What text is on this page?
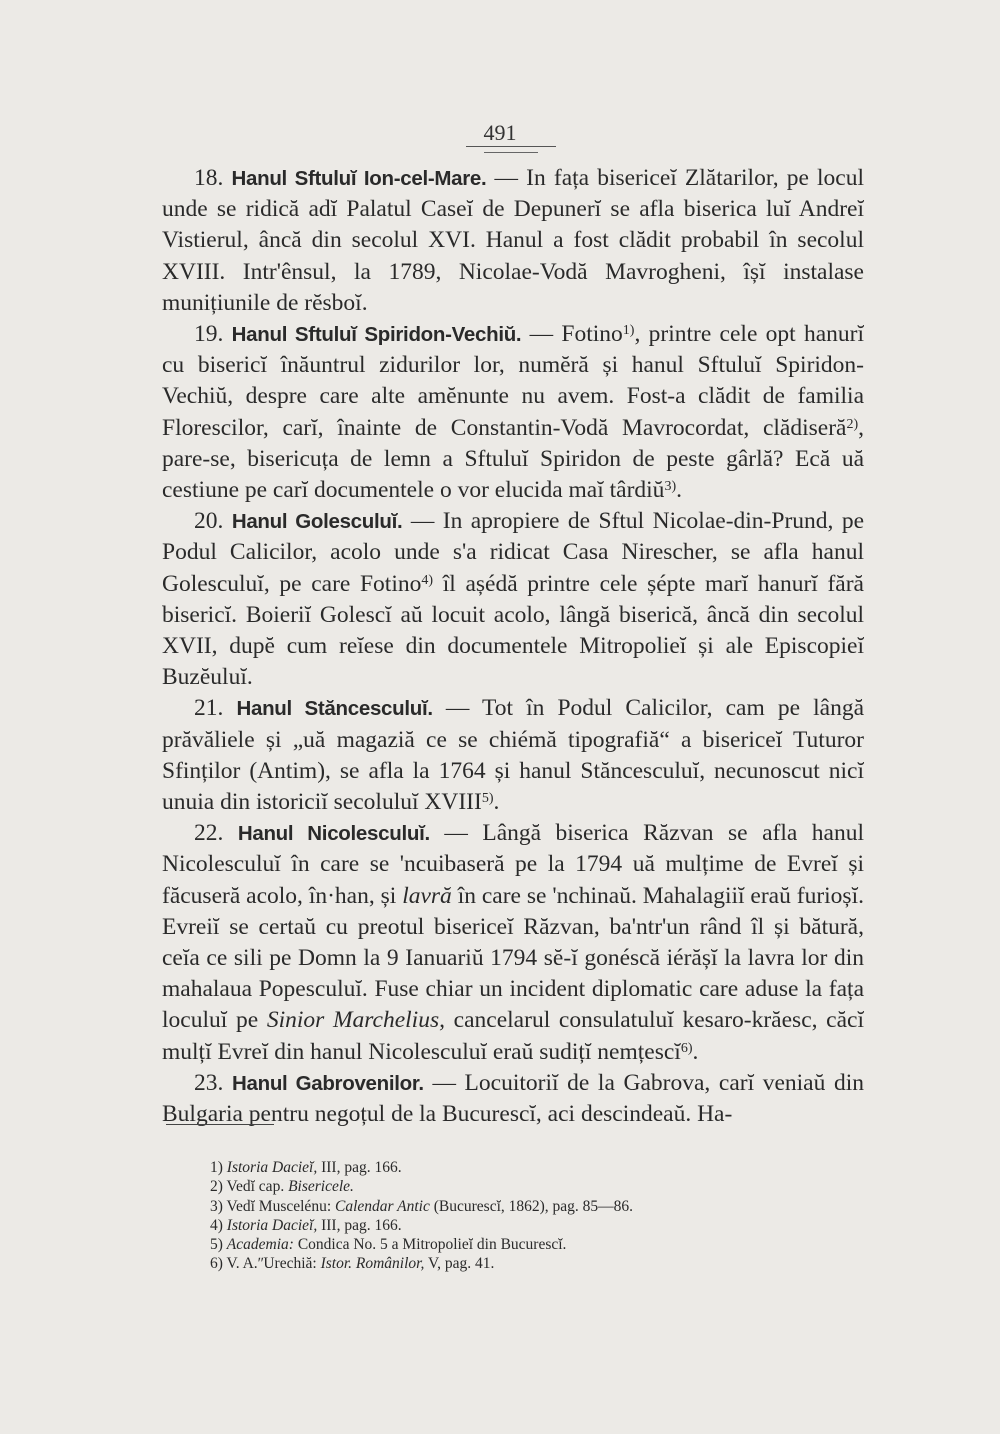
491

18. Hanul Sftuluĭ Ion-cel-Mare. — In fața bisericeĭ Zlătarilor, pe locul unde se ridică adĭ Palatul Caseĭ de Depunerĭ se afla biserica luĭ Andreĭ Vistierul, âncă din secolul XVI. Hanul a fost clădit probabil în secolul XVIII. Intr'ênsul, la 1789, Nicolae-Vodă Mavrogheni, îșĭ instalase munițiunile de rĕsboĭ.

19. Hanul Sftuluĭ Spiridon-Vechiŭ. — Fotino$^{1)}$, printre cele opt hanurĭ cu bisericĭ înăuntrul zidurilor lor, numĕră și hanul Sftuluĭ Spiridon-Vechiŭ, despre care alte amĕnunte nu avem. Fost-a clădit de familia Florescilor, carĭ, înainte de Constantin-Vodă Mavrocordat, clădiseră$^{2)}$, pare-se, bisericuța de lemn a Sftuluĭ Spiridon de peste gârlă? Ecă uă cestiune pe carĭ documentele o vor elucida maĭ târdiŭ$^{3)}$.

20. Hanul Golesculuĭ. — In apropiere de Sftul Nicolae-din-Prund, pe Podul Calicilor, acolo unde s'a ridicat Casa Nirescher, se afla hanul Golesculuĭ, pe care Fotino$^{4)}$ îl așédă printre cele șépte marĭ hanurĭ fără bisericĭ. Boieriĭ Golescĭ aŭ locuit acolo, lângă biserică, âncă din secolul XVII, dupĕ cum reĭese din documentele Mitropolieĭ și ale Episcopieĭ Buzĕuluĭ.

21. Hanul Stăncesculuĭ. — Tot în Podul Calicilor, cam pe lângă prăvăliele și „uă magaziă ce se chiémă tipografiă“ a bisericeĭ Tuturor Sfinților (Antim), se afla la 1764 și hanul Stăncesculuĭ, necunoscut nicĭ unuia din istoriciĭ secoluluĭ XVIII$^{5)}$.

22. Hanul Nicolesculuĭ. — Lângă biserica Răzvan se afla hanul Nicolesculuĭ în care se 'ncuibaseră pe la 1794 uă mulțime de Evreĭ și făcuseră acolo, în·han, și lavră în care se 'nchinaŭ. Mahalagiiĭ eraŭ furioșĭ. Evreiĭ se certaŭ cu preotul bisericeĭ Răzvan, ba'ntr'un rând îl și bătură, ceĭa ce sili pe Domn la 9 Ianuariŭ 1794 sĕ-ĭ gonéscă iérășĭ la lavra lor din mahalaua Popesculuĭ. Fuse chiar un incident diplomatic care aduse la fața loculuĭ pe Sinior Marchelius, cancelarul consulatuluĭ kesaro-krăesc, căcĭ mulțĭ Evreĭ din hanul Nicolesculuĭ eraŭ sudițĭ nemțescĭ$^{6)}$.

23. Hanul Gabrovenilor. — Locuitoriĭ de la Gabrova, carĭ veniaŭ din Bulgaria pentru negoțul de la Bucurescĭ, aci descindeaŭ. Ha-

1) Istoria Dacieĭ, III, pag. 166.

2) Vedĭ cap. Bisericele.

3) Vedĭ Muscelénu: Calendar Antic (Bucurescĭ, 1862), pag. 85—86.

4) Istoria Dacieĭ, III, pag. 166.

5) Academia: Condica No. 5 a Mitropolieĭ din Bucurescĭ.

6) V. A.ʺUrechiă: Istor. Românilor, V, pag. 41.
